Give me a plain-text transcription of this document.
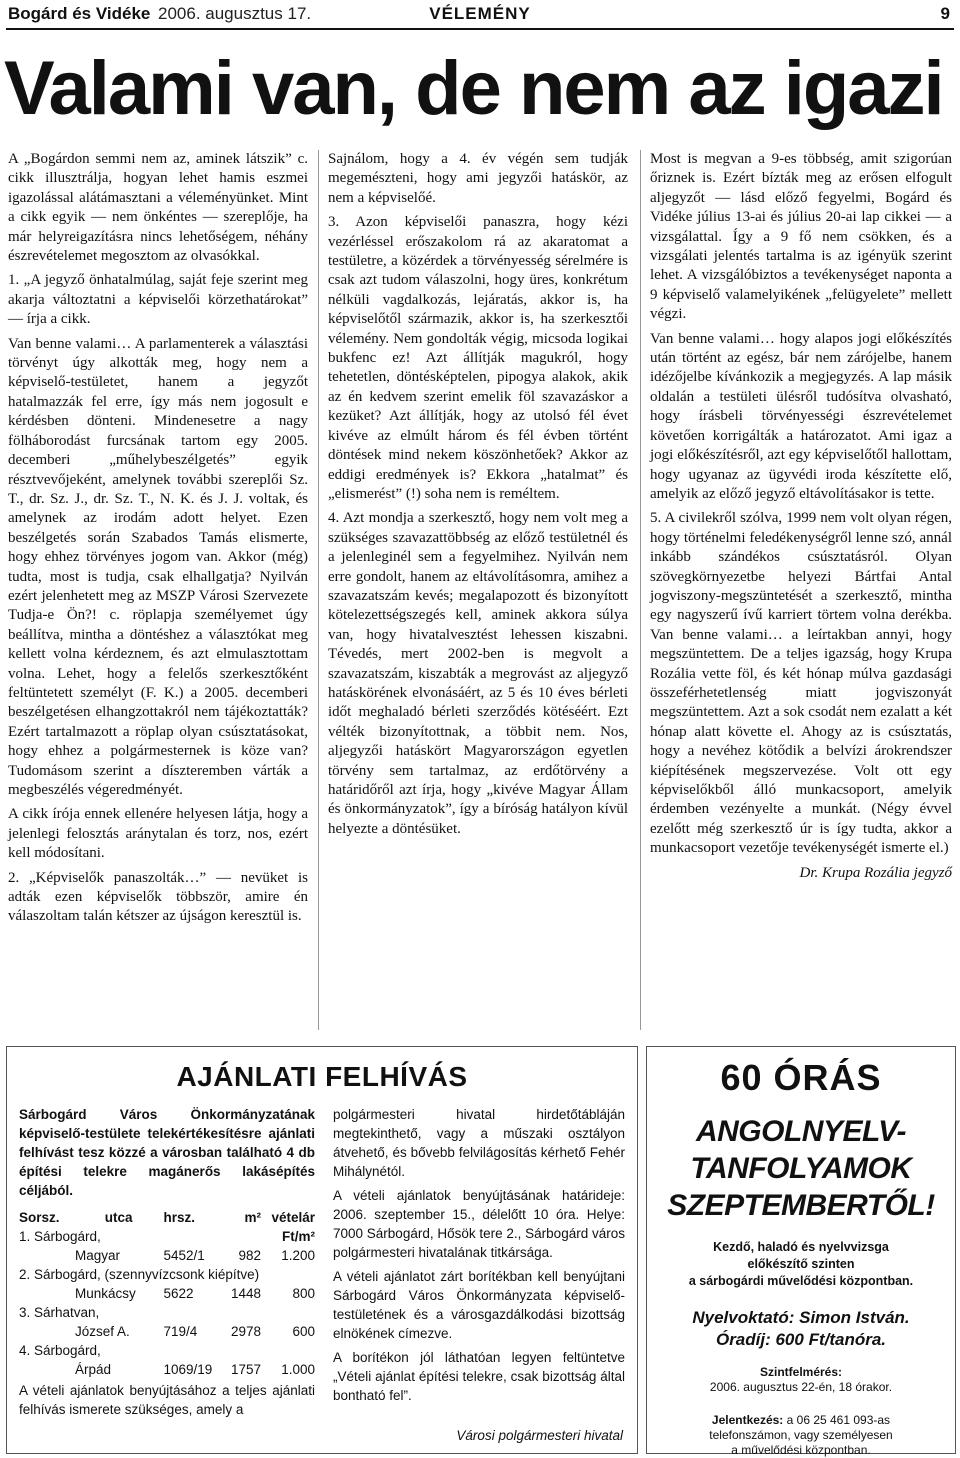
Bogárd és Vidéke 2006. augusztus 17.	VÉLEMÉNY	9
Valami van, de nem az igazi

A „Bogárdon semmi nem az, aminek látszik” c. cikk illusztrálja, hogyan lehet hamis eszmei igazolással alátámasztani a véleményünket. Mint a cikk egyik — nem önkéntes — szereplője, ha már helyreigazításra nincs lehetőségem, néhány észrevételemet megosztom az olvasókkal.

1. „A jegyző önhatalmúlag, saját feje szerint meg akarja változtatni a képviselői körzethatárokat” — írja a cikk.

Van benne valami… A parlamenterek a választási törvényt úgy alkották meg, hogy nem a képviselő-testületet, hanem a jegyzőt hatalmazzák fel erre, így más nem jogosult e kérdésben dönteni. Mindenesetre a nagy fölháborodást furcsának tartom egy 2005. decemberi „műhelybeszélgetés” egyik résztvevőjeként, amelynek további szereplői Sz. T., dr. Sz. J., dr. Sz. T., N. K. és J. J. voltak, és amelynek az irodám adott helyet. Ezen beszélgetés során Szabados Tamás elismerte, hogy ehhez törvényes jogom van. Akkor (még) tudta, most is tudja, csak elhallgatja? Nyilván ezért jelenhetett meg az MSZP Városi Szervezete Tudja-e Ön?! c. röplapja személyemet úgy beállítva, mintha a döntéshez a választókat meg kellett volna kérdeznem, és azt elmulasztottam volna. Lehet, hogy a felelős szerkesztőként feltüntetett személyt (F. K.) a 2005. decemberi beszélgetésen elhangzottakról nem tájékoztatták? Ezért tartalmazott a röplap olyan csúsztatásokat, hogy ehhez a polgármesternek is köze van? Tudomásom szerint a díszteremben várták a megbeszélés végeredményét.

A cikk írója ennek ellenére helyesen látja, hogy a jelenlegi felosztás aránytalan és torz, nos, ezért kell módosítani.

2. „Képviselők panaszolták…” — nevüket is adták ezen képviselők többször, amire én válaszoltam talán kétszer az újságon keresztül is.

Sajnálom, hogy a 4. év végén sem tudják megemészteni, hogy ami jegyzői hatáskör, az nem a képviselőé.

3. Azon képviselői panaszra, hogy kézi vezérléssel erőszakolom rá az akaratomat a testületre, a közérdek a törvényesség sérelmére is csak azt tudom válaszolni, hogy üres, konkrétum nélküli vagdalkozás, lejáratás, akkor is, ha képviselőtől származik, akkor is, ha szerkesztői vélemény. Nem gondolták végig, micsoda logikai bukfenc ez! Azt állítják magukról, hogy tehetetlen, döntésképtelen, pipogya alakok, akik az én kedvem szerint emelik föl szavazáskor a kezüket? Azt állítják, hogy az utolsó fél évet kivéve az elmúlt három és fél évben történt döntések mind nekem köszönhetőek? Akkor az eddigi eredmények is? Ekkora „hatalmat” és „elismerést” (!) soha nem is reméltem.

4. Azt mondja a szerkesztő, hogy nem volt meg a szükséges szavazattöbbség az előző testületnél és a jelenleginél sem a fegyelmihez. Nyilván nem erre gondolt, hanem az eltávolításomra, amihez a szavazatszám kevés; megalapozott és bizonyított kötelezettségszegés kell, aminek akkora súlya van, hogy hivatalvesztést lehessen kiszabni. Tévedés, mert 2002-ben is megvolt a szavazatszám, kiszabták a megrovást az aljegyző hatáskörének elvonásáért, az 5 és 10 éves bérleti időt meghaladó bérleti szerződés kötéséért. Ezt vélték bizonyítottnak, a többit nem. Nos, aljegyzői hatáskört Magyarországon egyetlen törvény sem tartalmaz, az erdőtörvény a határidőről azt írja, hogy „kivéve Magyar Állam és önkormányzatok”, így a bíróság hatályon kívül helyezte a döntésüket.

Most is megvan a 9-es többség, amit szigorúan őriznek is. Ezért bízták meg az erősen elfogult aljegyzőt — lásd előző fegyelmi, Bogárd és Vidéke július 13-ai és július 20-ai lap cikkei — a vizsgálattal. Így a 9 fő nem csökken, és a vizsgálati jelentés tartalma is az igényük szerint lehet. A vizsgálóbiztos a tevékenységet naponta a 9 képviselő valamelyikének „felügyelete” mellett végzi.

Van benne valami… hogy alapos jogi előkészítés után történt az egész, bár nem zárójelbe, hanem idézőjelbe kívánkozik a megjegyzés. A lap másik oldalán a testületi ülésről tudósítva olvasható, hogy írásbeli törvényességi észrevételemet követően korrigálták a határozatot. Ami igaz a jogi előkészítésről, azt egy képviselőtől hallottam, hogy ugyanaz az ügyvédi iroda készítette elő, amelyik az előző jegyző eltávolításakor is tette.

5. A civilekről szólva, 1999 nem volt olyan régen, hogy történelmi feledékenységről lenne szó, annál inkább szándékos csúsztatásról. Olyan szövegkörnyezetbe helyezi Bártfai Antal jogviszony-megszüntetését a szerkesztő, mintha egy nagyszerű ívű karriert törtem volna derékba. Van benne valami… a leírtakban annyi, hogy megszüntettem. De a teljes igazság, hogy Krupa Rozália vette föl, és két hónap múlva gazdasági összeférhetetlenség miatt jogviszonyát megszüntettem. Azt a sok csodát nem ezalatt a két hónap alatt követte el. Ahogy az is csúsztatás, hogy a nevéhez kötődik a belvízi árokrendszer kiépítésének megszervezése. Volt ott egy képviselőkből álló munkacsoport, amelyik érdemben vezényelte a munkát. (Négy évvel ezelőtt még szerkesztő úr is így tudta, akkor a munkacsoport vezetője tevékenységét ismerte el.)

Dr. Krupa Rozália jegyző

AJÁNLATI FELHÍVÁS
Sárbogárd Város Önkormányzatának képviselő-testülete telekértékesítésre ajánlati felhívást tesz közzé a városban található 4 db építési telekre magánerős lakásépítés céljából.
Sorsz.	utca	hrsz.	m²	vételár
1. Sárbogárd,				Ft/m²
Magyar		5452/1	982	1.200
2. Sárbogárd, (szennyvízcsonk kiépítve)				
Munkácsy		5622	1448	800
3. Sárhatvan,				
József A.		719/4	2978	600
4. Sárbogárd,				
Árpád		1069/19	1757	1.000
A vételi ajánlatok benyújtásához a teljes ajánlati felhívás ismerete szükséges, amely a

polgármesteri hivatal hirdetőtábláján megtekinthető, vagy a műszaki osztályon átvehető, és bővebb felvilágosítás kérhető Fehér Mihálynétól.

A vételi ajánlatok benyújtásának határideje: 2006. szeptember 15., délelőtt 10 óra. Helye: 7000 Sárbogárd, Hősök tere 2., Sárbogárd város polgármesteri hivatalának titkársága.

A vételi ajánlatot zárt borítékban kell benyújtani Sárbogárd Város Önkormányzata képviselő-testületének és a városgazdálkodási bizottság elnökének címezve.

A borítékon jól láthatóan legyen feltüntetve „Vételi ajánlat építési telekre, csak bizottság által bontható fel”.

Városi polgármesteri hivatal
60 ÓRÁS
ANGOLNYELV-
TANFOLYAMOK
SZEPTEMBERTŐL!
Kezdő, haladó és nyelvvizsga
előkészítő szinten
a sárbogárdi művelődési központban.
Nyelvoktató: Simon István.
Óradíj: 600 Ft/tanóra.
Szintfelmérés:
2006. augusztus 22-én, 18 órakor.
Jelentkezés: a 06 25 461 093-as
telefonszámon, vagy személyesen
a művelődési központban.
